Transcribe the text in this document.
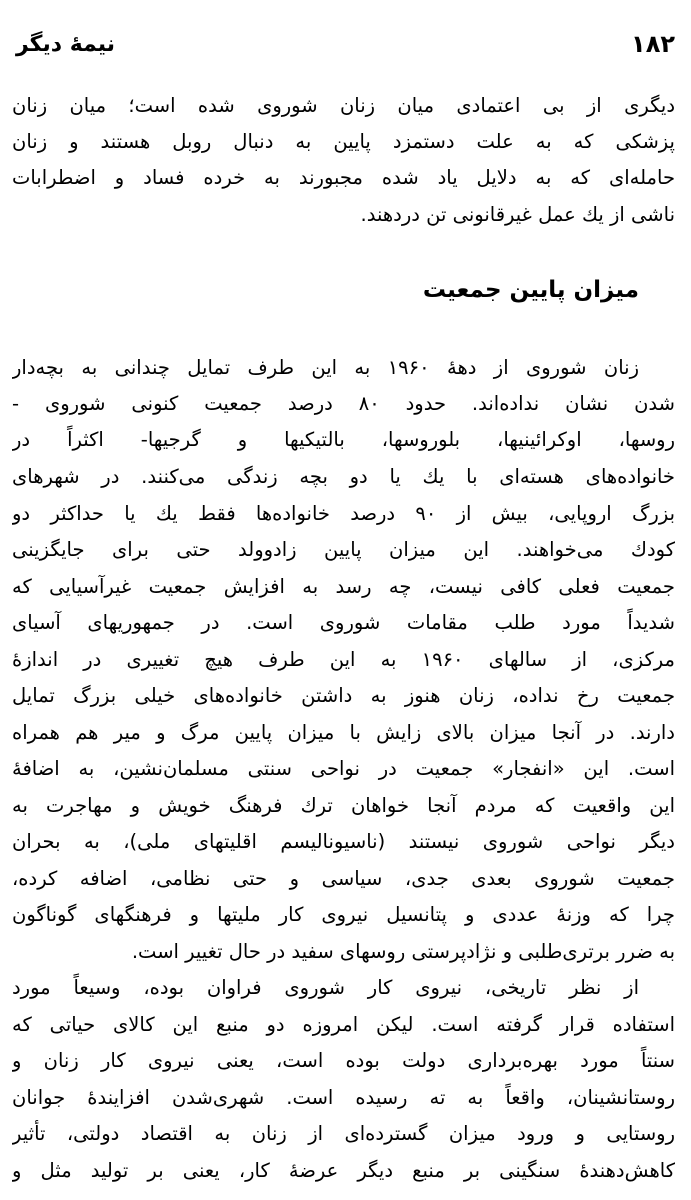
۱۸۲
نیمهٔ دیگر
دیگری از بی اعتمادی میان زنان شوروی شده است؛ میان زنان
پزشکی که به علت دستمزد پایین به دنبال روبل هستند و زنان
حامله‌ای که به دلایل یاد شده مجبورند به خرده فساد و اضطرابات
ناشی از یك عمل غیرقانونی تن دردهند.
زنان شوروی از دههٔ ۱۹۶۰ به این طرف تمایل چندانی به بچه‌دار
شدن نشان نداده‌اند. حدود ۸۰ درصد جمعیت کنونی شوروی -
روسها، اوکرائینیها، بلوروسها، بالتیکیها و گرجیها- اکثراً در
خانواده‌های هسته‌ای با یك یا دو بچه زندگی می‌کنند. در شهرهای
بزرگ اروپایی، بیش از ۹۰ درصد خانواده‌ها فقط یك یا حداکثر دو
کودك می‌خواهند. این میزان پایین زادوولد حتی برای جایگزینی
جمعیت فعلی کافی نیست، چه رسد به افزایش جمعیت غیرآسیایی که
شدیداً مورد طلب مقامات شوروی است. در جمهوریهای آسیای
مرکزی، از سالهای ۱۹۶۰ به این طرف هیچ تغییری در اندازهٔ
جمعیت رخ نداده، زنان هنوز به داشتن خانواده‌های خیلی بزرگ تمایل
دارند. در آنجا میزان بالای زایش با میزان پایین مرگ و میر هم همراه
است. این «انفجار» جمعیت در نواحی سنتی مسلمان‌نشین، به اضافهٔ
این واقعیت که مردم آنجا خواهان ترك فرهنگ خویش و مهاجرت به
دیگر نواحی شوروی نیستند (ناسیونالیسم اقلیتهای ملی)، به بحران
جمعیت شوروی بعدی جدی، سیاسی و حتی نظامی، اضافه کرده،
چرا که وزنهٔ عددی و پتانسیل نیروی کار ملیتها و فرهنگهای گوناگون
به ضرر برتری‌طلبی و نژادپرستی روسهای سفید در حال تغییر است.
از نظر تاریخی، نیروی کار شوروی فراوان بوده، وسیعاً مورد
استفاده قرار گرفته است. لیکن امروزه دو منبع این کالای حیاتی که
سنتاً مورد بهره‌برداری دولت بوده است، یعنی نیروی کار زنان و
روستانشینان، واقعاً به ته رسیده است. شهری‌شدن افزایندهٔ جوانان
روستایی و ورود میزان گسترده‌ای از زنان به اقتصاد دولتی، تأثیر
کاهش‌دهندهٔ سنگینی بر منبع دیگر عرضهٔ کار، یعنی بر تولید مثل و
میزان پایین جمعیت
